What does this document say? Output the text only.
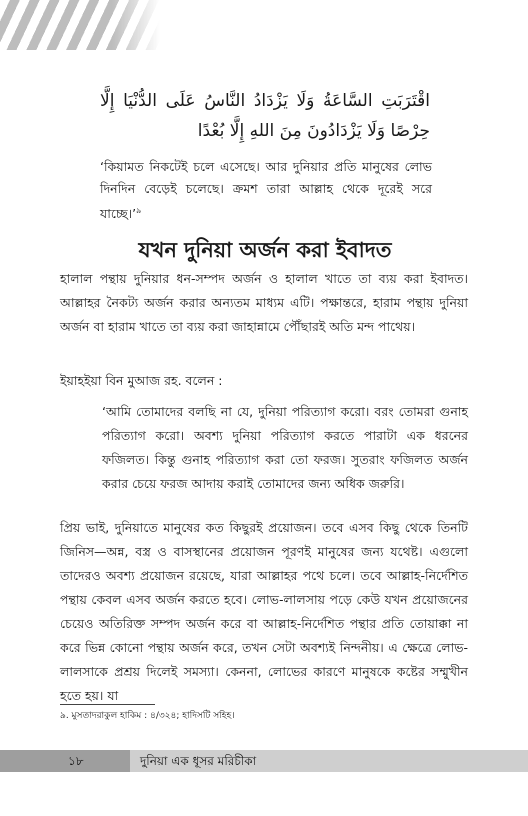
اقْتَرَبَتِ السَّاعَةُ وَلَا يَزْدَادُ النَّاسُ عَلَى الدُّنْيَا إِلَّا حِرْصًا وَلَا يَزْدَادُونَ مِنَ اللهِ إِلَّا بُعْدًا

‘কিয়ামত নিকটেই চলে এসেছে। আর দুনিয়ার প্রতি মানুষের লোভ দিনদিন বেড়েই চলেছে। ক্রমশ তারা আল্লাহ থেকে দূরেই সরে যাচ্ছে।’$^৯$

যখন দুনিয়া অর্জন করা ইবাদত

হালাল পন্থায় দুনিয়ার ধন-সম্পদ অর্জন ও হালাল খাতে তা ব্যয় করা ইবাদত। আল্লাহর নৈকট্য অর্জন করার অন্যতম মাধ্যম এটি। পক্ষান্তরে, হারাম পন্থায় দুনিয়া অর্জন বা হারাম খাতে তা ব্যয় করা জাহান্নামে পৌঁছারই অতি মন্দ পাথেয়।

ইয়াহইয়া বিন মুআজ রহ. বলেন :

‘আমি তোমাদের বলছি না যে, দুনিয়া পরিত্যাগ করো। বরং তোমরা গুনাহ পরিত্যাগ করো। অবশ্য দুনিয়া পরিত্যাগ করতে পারাটা এক ধরনের ফজিলত। কিন্তু গুনাহ পরিত্যাগ করা তো ফরজ। সুতরাং ফজিলত অর্জন করার চেয়ে ফরজ আদায় করাই তোমাদের জন্য অধিক জরুরি।

প্রিয় ভাই, দুনিয়াতে মানুষের কত কিছুরই প্রয়োজন। তবে এসব কিছু থেকে তিনটি জিনিস—অন্ন, বস্ত্র ও বাসস্থানের প্রয়োজন পূরণই মানুষের জন্য যথেষ্ট। এগুলো তাদেরও অবশ্য প্রয়োজন রয়েছে, যারা আল্লাহর পথে চলে। তবে আল্লাহ-নির্দেশিত পন্থায় কেবল এসব অর্জন করতে হবে। লোভ-লালসায় পড়ে কেউ যখন প্রয়োজনের চেয়েও অতিরিক্ত সম্পদ অর্জন করে বা আল্লাহ-নির্দেশিত পন্থার প্রতি তোয়াক্কা না করে ভিন্ন কোনো পন্থায় অর্জন করে, তখন সেটা অবশ্যই নিন্দনীয়। এ ক্ষেত্রে লোভ-লালসাকে প্রশ্রয় দিলেই সমস্যা। কেননা, লোভের কারণে মানুষকে কষ্টের সম্মুখীন হতে হয়। যা

৯. মুসতাদরাকুল হাকিম : ৪/৩২৪; হাদিসটি সহিহ।

১৮	দুনিয়া এক ধূসর মরিচীকা
